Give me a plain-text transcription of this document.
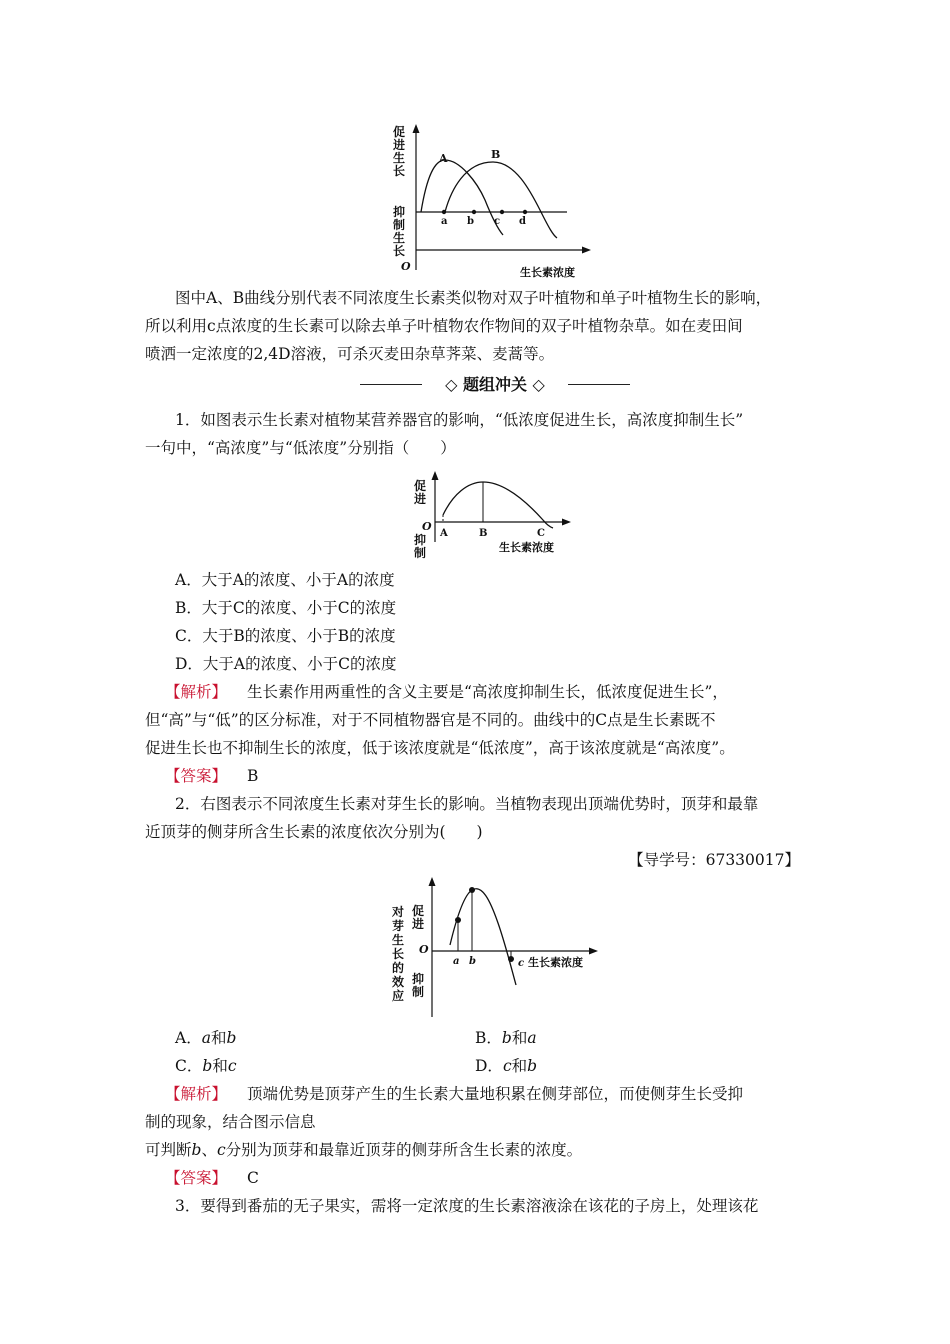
A	B
a b c d
O	生长素浓度
促进生长
抑制生长
图中A、B曲线分别代表不同浓度生长素类似物对双子叶植物和单子叶植物生长的影响，
所以利用c点浓度的生长素可以除去单子叶植物农作物间的双子叶植物杂草。如在麦田间
喷洒一定浓度的2,4D溶液，可杀灭麦田杂草荠菜、麦蒿等。
◇ 题组冲关 ◇
1．如图表示生长素对植物某营养器官的影响，“低浓度促进生长，高浓度抑制生长”
一句中，“高浓度”与“低浓度”分别指（　　）
A	B	C
O
生长素浓度
促进
抑制
A．大于A的浓度、小于A的浓度
B．大于C的浓度、小于C的浓度
C．大于B的浓度、小于B的浓度
D．大于A的浓度、小于C的浓度
【解析】 生长素作用两重性的含义主要是“高浓度抑制生长，低浓度促进生长”，
但“高”与“低”的区分标准，对于不同植物器官是不同的。曲线中的C点是生长素既不
促进生长也不抑制生长的浓度，低于该浓度就是“低浓度”，高于该浓度就是“高浓度”。
【答案】 B
2．右图表示不同浓度生长素对芽生长的影响。当植物表现出顶端优势时，顶芽和最靠
近顶芽的侧芽所含生长素的浓度依次分别为(　　)
【导学号：67330017】
a b	c
O
生长素浓度
对芽生长的效应
促进
抑制
A．a和b	B．b和a
C．b和c	D．c和b
【解析】 顶端优势是顶芽产生的生长素大量地积累在侧芽部位，而使侧芽生长受抑
制的现象，结合图示信息
可判断b、c分别为顶芽和最靠近顶芽的侧芽所含生长素的浓度。
【答案】 C
3．要得到番茄的无子果实，需将一定浓度的生长素溶液涂在该花的子房上，处理该花
